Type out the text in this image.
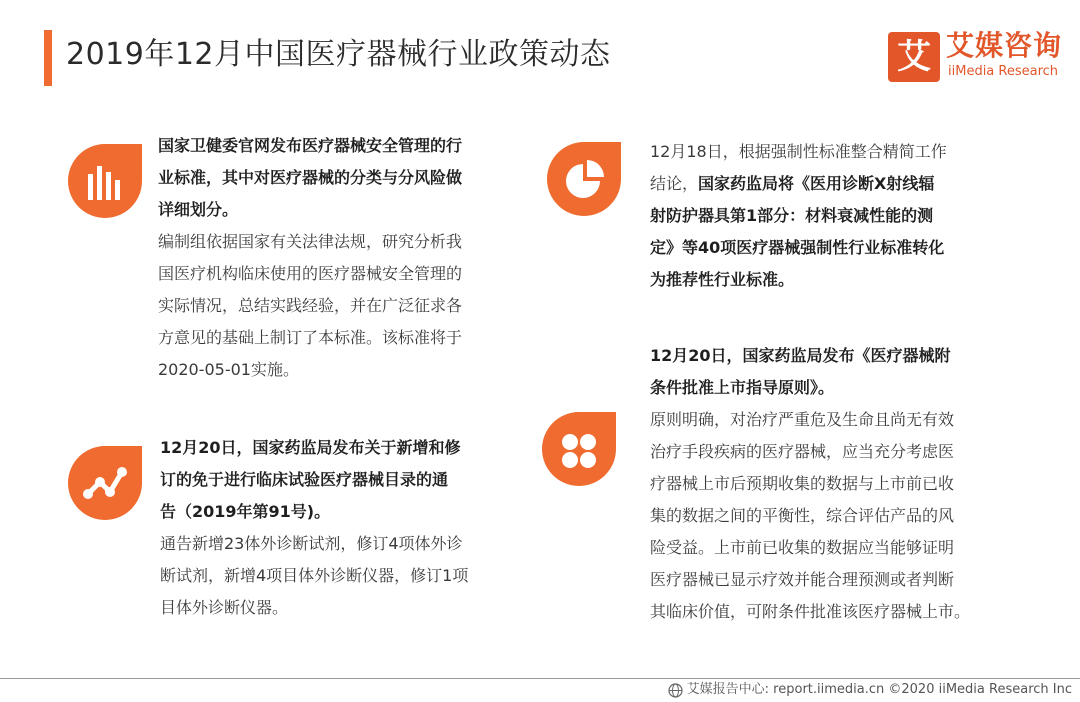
2019年12月中国医疗器械行业政策动态	艾 艾媒咨询
iiMedia Research
国家卫健委官网发布医疗器械安全管理的行
业标准，其中对医疗器械的分类与分风险做
详细划分。
编制组依据国家有关法律法规，研究分析我
国医疗机构临床使用的医疗器械安全管理的
实际情况，总结实践经验，并在广泛征求各
方意见的基础上制订了本标准。该标准将于
2020-05-01实施。
12月20日，国家药监局发布关于新增和修
订的免于进行临床试验医疗器械目录的通
告（2019年第91号)。
通告新增23体外诊断试剂，修订4项体外诊
断试剂，新增4项目体外诊断仪器，修订1项
目体外诊断仪器。
12月18日，根据强制性标准整合精简工作
结论，国家药监局将《医用诊断X射线辐
射防护器具第1部分：材料衰减性能的测
定》等40项医疗器械强制性行业标准转化
为推荐性行业标准。
12月20日，国家药监局发布《医疗器械附
条件批准上市指导原则》。
原则明确，对治疗严重危及生命且尚无有效
治疗手段疾病的医疗器械，应当充分考虑医
疗器械上市后预期收集的数据与上市前已收
集的数据之间的平衡性，综合评估产品的风
险受益。上市前已收集的数据应当能够证明
医疗器械已显示疗效并能合理预测或者判断
其临床价值，可附条件批准该医疗器械上市。
艾媒报告中心: report.iimedia.cn ©2020 iiMedia Research Inc
